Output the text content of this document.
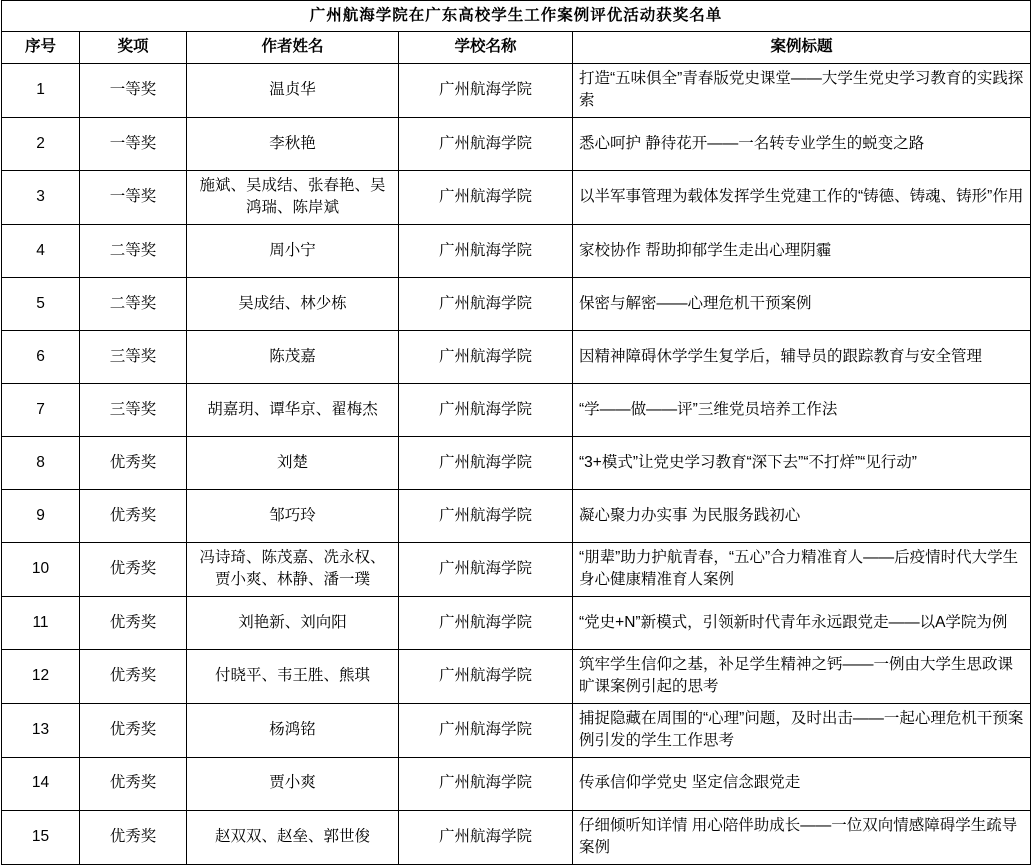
广州航海学院在广东高校学生工作案例评优活动获奖名单				
序号	奖项	作者姓名	学校名称	案例标题
1	一等奖	温贞华	广州航海学院	打造“五味俱全”青春版党史课堂——大学生党史学习教育的实践探索
2	一等奖	李秋艳	广州航海学院	悉心呵护 静待花开——一名转专业学生的蜕变之路
3	一等奖	施斌、吴成结、张春艳、吴鸿瑞、陈岸斌	广州航海学院	以半军事管理为载体发挥学生党建工作的“铸德、铸魂、铸形”作用
4	二等奖	周小宁	广州航海学院	家校协作 帮助抑郁学生走出心理阴霾
5	二等奖	吴成结、林少栋	广州航海学院	保密与解密——心理危机干预案例
6	三等奖	陈茂嘉	广州航海学院	因精神障碍休学学生复学后，辅导员的跟踪教育与安全管理
7	三等奖	胡嘉玥、谭华京、翟梅杰	广州航海学院	“学——做——评”三维党员培养工作法
8	优秀奖	刘楚	广州航海学院	“3+模式”让党史学习教育“深下去”“不打烊”“见行动”
9	优秀奖	邹巧玲	广州航海学院	凝心聚力办实事 为民服务践初心
10	优秀奖	冯诗琦、陈茂嘉、冼永权、贾小爽、林静、潘一璞	广州航海学院	“朋辈”助力护航青春，“五心”合力精准育人——后疫情时代大学生身心健康精准育人案例
11	优秀奖	刘艳新、刘向阳	广州航海学院	“党史+N”新模式，引领新时代青年永远跟党走——以A学院为例
12	优秀奖	付晓平、韦王胜、熊琪	广州航海学院	筑牢学生信仰之基，补足学生精神之钙——一例由大学生思政课旷课案例引起的思考
13	优秀奖	杨鸿铭	广州航海学院	捕捉隐藏在周围的“心理”问题，及时出击——一起心理危机干预案例引发的学生工作思考
14	优秀奖	贾小爽	广州航海学院	传承信仰学党史 坚定信念跟党走
15	优秀奖	赵双双、赵垒、郭世俊	广州航海学院	仔细倾听知详情 用心陪伴助成长——一位双向情感障碍学生疏导案例
